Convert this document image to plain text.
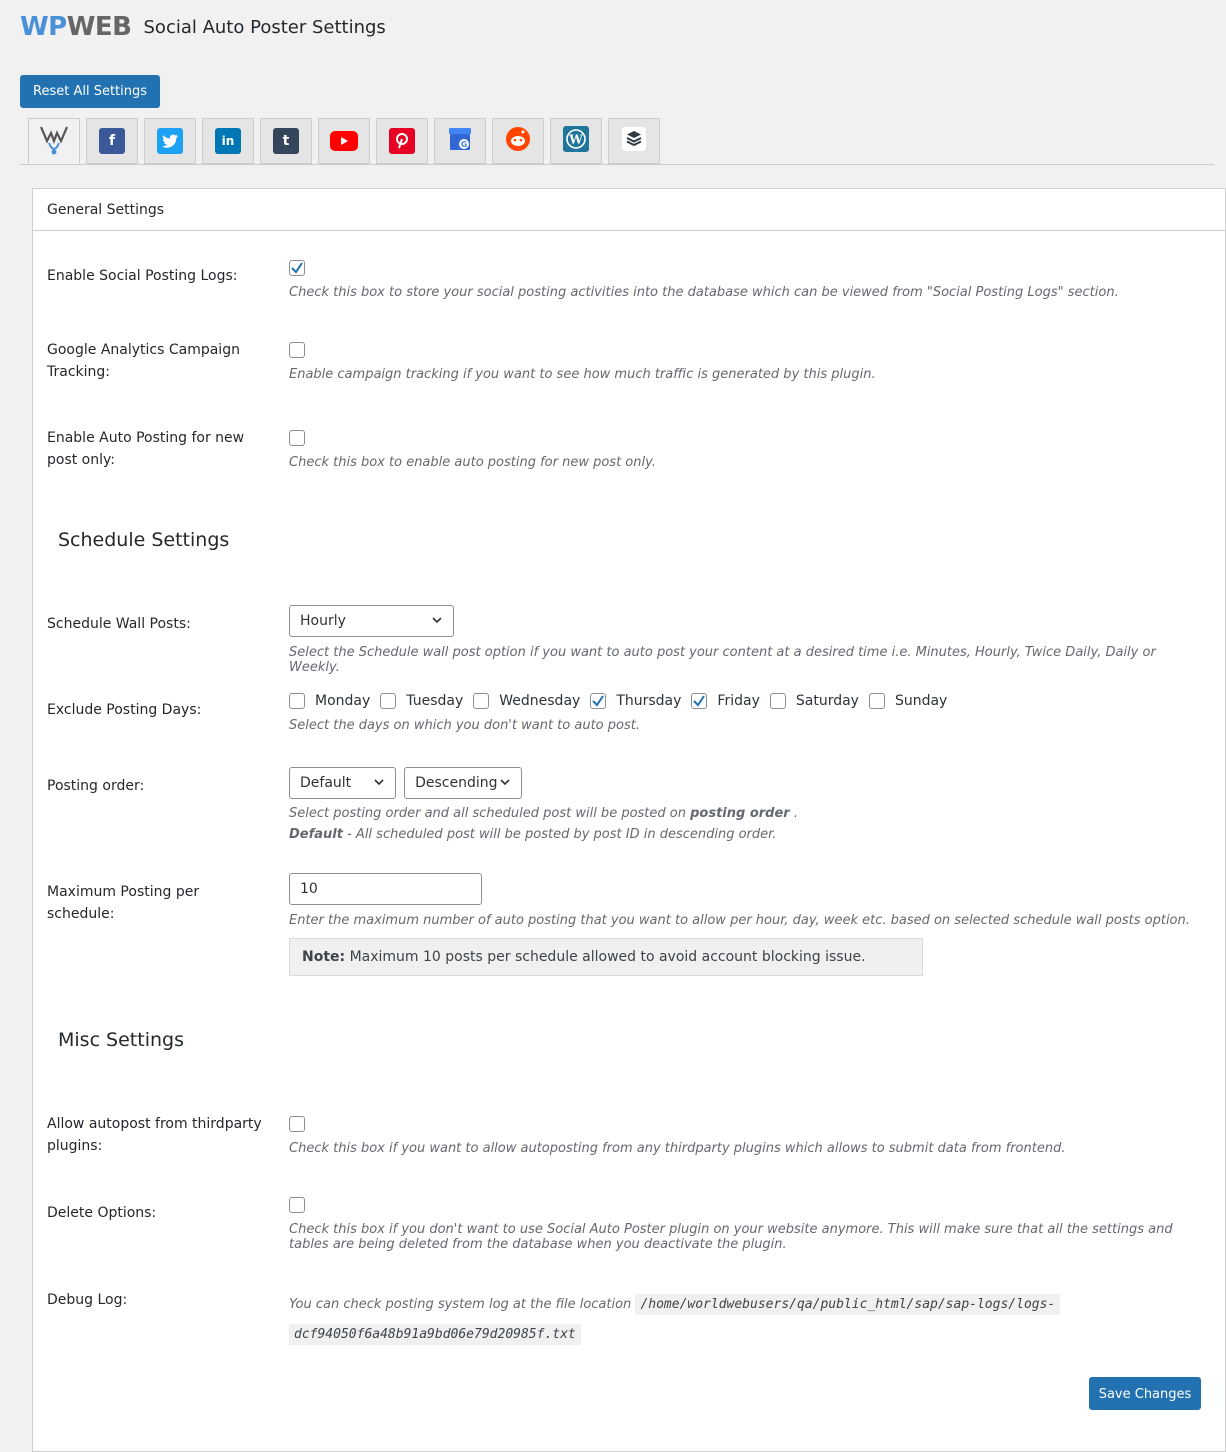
WPWEB Social Auto Poster Settings
Reset All Settings
f	in	t	G	W
General Settings
Enable Social Posting Logs:
Check this box to store your social posting activities into the database which can be viewed from "Social Posting Logs" section.
Google Analytics Campaign
Tracking:	Enable campaign tracking if you want to see how much traffic is generated by this plugin.
Enable Auto Posting for new
post only:	Check this box to enable auto posting for new post only.
Schedule Settings
Schedule Wall Posts:	Hourly
Select the Schedule wall post option if you want to auto post your content at a desired time i.e. Minutes, Hourly, Twice Daily, Daily or Weekly.
Exclude Posting Days:
Monday	Tuesday	Wednesday	Thursday	Friday	Saturday	Sunday
Select the days on which you don't want to auto post.
Posting order:	Default	Descending
Select posting order and all scheduled post will be posted on posting order .
Default - All scheduled post will be posted by post ID in descending order.
Maximum Posting per
schedule:
10
Enter the maximum number of auto posting that you want to allow per hour, day, week etc. based on selected schedule wall posts option.
Note: Maximum 10 posts per schedule allowed to avoid account blocking issue.
Misc Settings
Allow autopost from thirdparty
plugins:	Check this box if you want to allow autoposting from any thirdparty plugins which allows to submit data from frontend.
Delete Options:
Check this box if you don't want to use Social Auto Poster plugin on your website anymore. This will make sure that all the settings and tables are being deleted from the database when you deactivate the plugin.
Debug Log:	You can check posting system log at the file location /home/worldwebusers/qa/public_html/sap/sap-logs/logs-
dcf94050f6a48b91a9bd06e79d20985f.txt
Save Changes
